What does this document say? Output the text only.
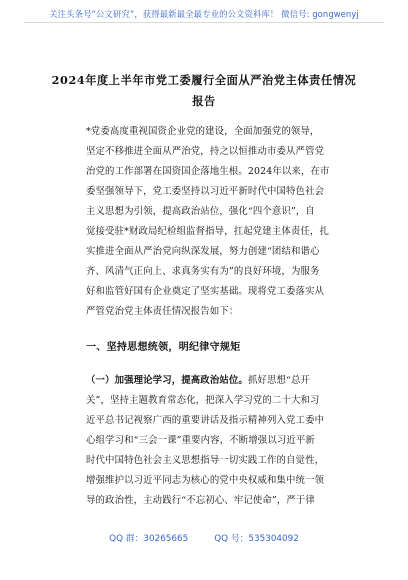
关注头条号“公文研究”，获得最新最全最专业的公文资料库！ 微信号: gongwenyj
2024年度上半年市党工委履行全面从严治党主体责任情况
报告
*党委高度重视国资企业党的建设，全面加强党的领导，
坚定不移推进全面从严治党，持之以恒推动市委从严管党
治党的工作部署在国资国企落地生根。2024年以来，在市
委坚强领导下，党工委坚持以习近平新时代中国特色社会
主义思想为引领，提高政治站位，强化“四个意识”，自
觉接受驻*财政局纪检组监督指导，扛起党建主体责任，扎
实推进全面从严治党向纵深发展，努力创建“团结和谐心
齐、风清气正向上、求真务实有为”的良好环境，为服务
好和监管好国有企业奠定了坚实基础。现将党工委落实从
严管党治党主体责任情况报告如下：
一、坚持思想统领，明纪律守规矩
（一）加强理论学习，提高政治站位。抓好思想“总开
关”，坚持主题教育常态化，把深入学习党的二十大和习
近平总书记视察广西的重要讲话及指示精神列入党工委中
心组学习和“三会一课”重要内容，不断增强以习近平新
时代中国特色社会主义思想指导一切实践工作的自觉性，
增强维护以习近平同志为核心的党中央权威和集中统一领
导的政治性，主动践行“不忘初心、牢记使命”，严于律
QQ 群：30265665	QQ 号：535304092
